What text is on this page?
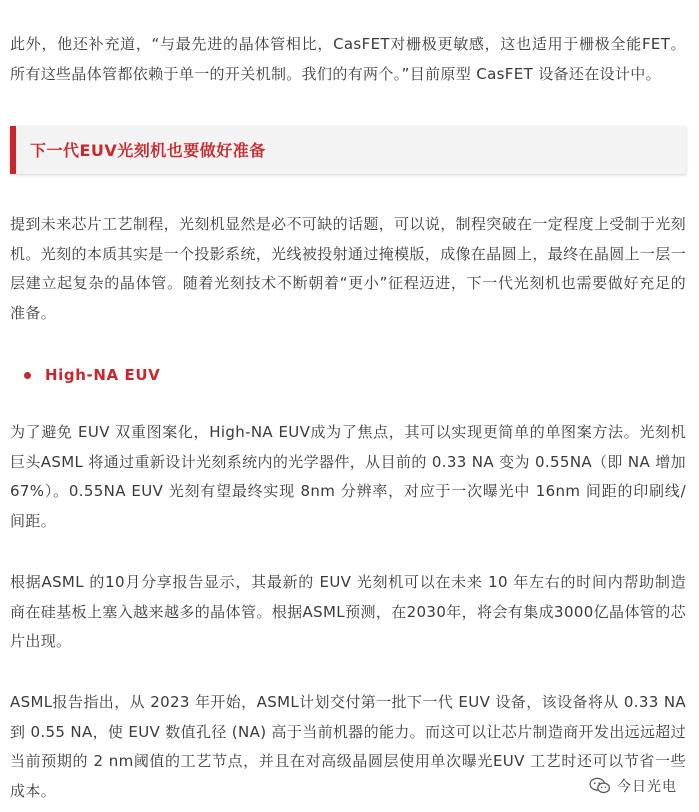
此外，他还补充道，“与最先进的晶体管相比，CasFET对栅极更敏感，这也适用于栅极全能FET。所有这些晶体管都依赖于单一的开关机制。我们的有两个。”目前原型 CasFET 设备还在设计中。

下一代EUV光刻机也要做好准备

提到未来芯片工艺制程，光刻机显然是必不可缺的话题，可以说，制程突破在一定程度上受制于光刻机。光刻的本质其实是一个投影系统，光线被投射通过掩模版，成像在晶圆上，最终在晶圆上一层一层建立起复杂的晶体管。随着光刻技术不断朝着“更小”征程迈进，下一代光刻机也需要做好充足的准备。

High-NA EUV

为了避免 EUV 双重图案化，High-NA EUV成为了焦点，其可以实现更简单的单图案方法。光刻机巨头ASML 将通过重新设计光刻系统内的光学器件，从目前的 0.33 NA 变为 0.55NA（即 NA 增加 67%）。0.55NA EUV 光刻有望最终实现 8nm 分辨率，对应于一次曝光中 16nm 间距的印刷线/间距。

根据ASML 的10月分享报告显示，其最新的 EUV 光刻机可以在未来 10 年左右的时间内帮助制造商在硅基板上塞入越来越多的晶体管。根据ASML预测，在2030年，将会有集成3000亿晶体管的芯片出现。

ASML报告指出，从 2023 年开始，ASML计划交付第一批下一代 EUV 设备，该设备将从 0.33 NA 到 0.55 NA，使 EUV 数值孔径 (NA) 高于当前机器的能力。而这可以让芯片制造商开发出远远超过当前预期的 2 nm阈值的工艺节点，并且在对高级晶圆层使用单次曝光EUV 工艺时还可以节省一些成本。	今日光电
